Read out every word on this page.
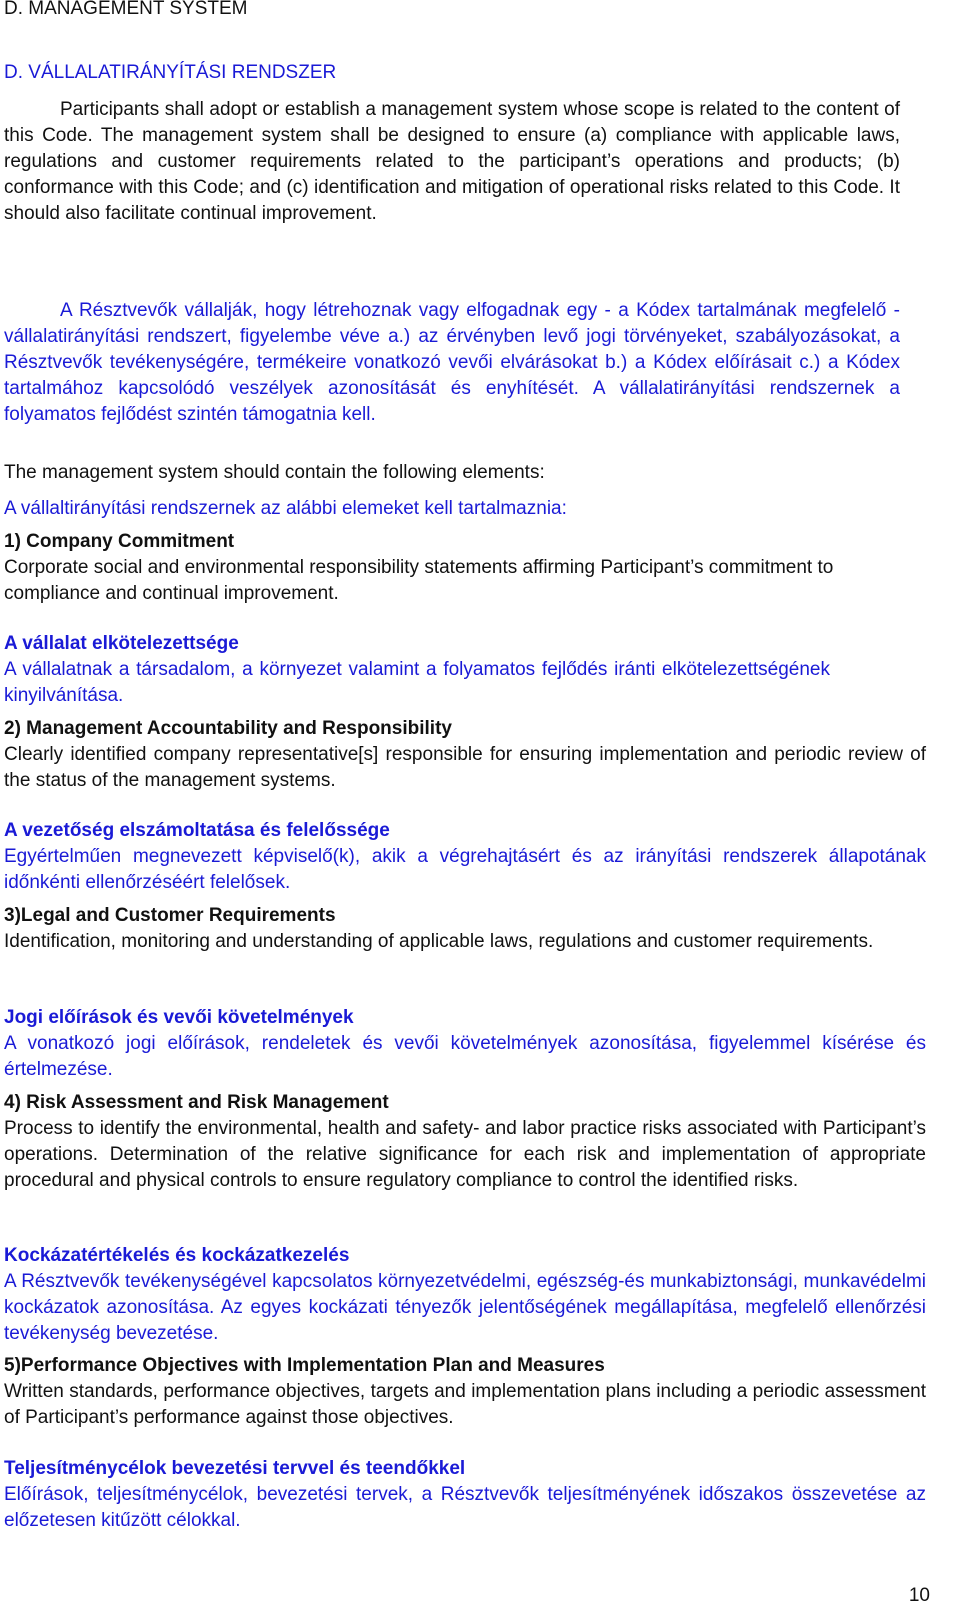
D. MANAGEMENT SYSTEM

D. VÁLLALATIRÁNYÍTÁSI RENDSZER

Participants shall adopt or establish a management system whose scope is related to the content of this Code. The management system shall be designed to ensure (a) compliance with applicable laws, regulations and customer requirements related to the participant’s operations and products; (b) conformance with this Code; and (c) identification and mitigation of operational risks related to this Code. It should also facilitate continual improvement.

A Résztvevők vállalják, hogy létrehoznak vagy elfogadnak egy - a Kódex tartalmának megfelelő - vállalatirányítási rendszert, figyelembe véve a.) az érvényben levő jogi törvényeket, szabályozásokat, a Résztvevők tevékenységére, termékeire vonatkozó vevői elvárásokat b.) a Kódex előírásait c.) a Kódex tartalmához kapcsolódó veszélyek azonosítását és enyhítését. A vállalatirányítási rendszernek a folyamatos fejlődést szintén támogatnia kell.

The management system should contain the following elements:

A vállaltirányítási rendszernek az alábbi elemeket kell tartalmaznia:

1) Company Commitment

Corporate social and environmental responsibility statements affirming Participant’s commitment to compliance and continual improvement.

A vállalat elkötelezettsége

A vállalatnak a társadalom, a környezet valamint a folyamatos fejlődés iránti elkötelezettségének kinyilvánítása.

2) Management Accountability and Responsibility

Clearly identified company representative[s] responsible for ensuring implementation and periodic review of the status of the management systems.

A vezetőség elszámoltatása és felelőssége

Egyértelműen megnevezett képviselő(k), akik a végrehajtásért és az irányítási rendszerek állapotának időnkénti ellenőrzéséért felelősek.

3)Legal and Customer Requirements

Identification, monitoring and understanding of applicable laws, regulations and customer requirements.

Jogi előírások és vevői követelmények

A vonatkozó jogi előírások, rendeletek és vevői követelmények azonosítása, figyelemmel kísérése és értelmezése.

4) Risk Assessment and Risk Management

Process to identify the environmental, health and safety- and labor practice risks associated with Participant’s operations. Determination of the relative significance for each risk and implementation of appropriate procedural and physical controls to ensure regulatory compliance to control the identified risks.

Kockázatértékelés és kockázatkezelés

A Résztvevők tevékenységével kapcsolatos környezetvédelmi, egészség-és munkabiztonsági, munkavédelmi kockázatok azonosítása. Az egyes kockázati tényezők jelentőségének megállapítása, megfelelő ellenőrzési tevékenység bevezetése.

5)Performance Objectives with Implementation Plan and Measures

Written standards, performance objectives, targets and implementation plans including a periodic assessment of Participant’s performance against those objectives.

Teljesítménycélok bevezetési tervvel és teendőkkel

Előírások, teljesítménycélok, bevezetési tervek, a Résztvevők teljesítményének időszakos összevetése az előzetesen kitűzött célokkal.

10
